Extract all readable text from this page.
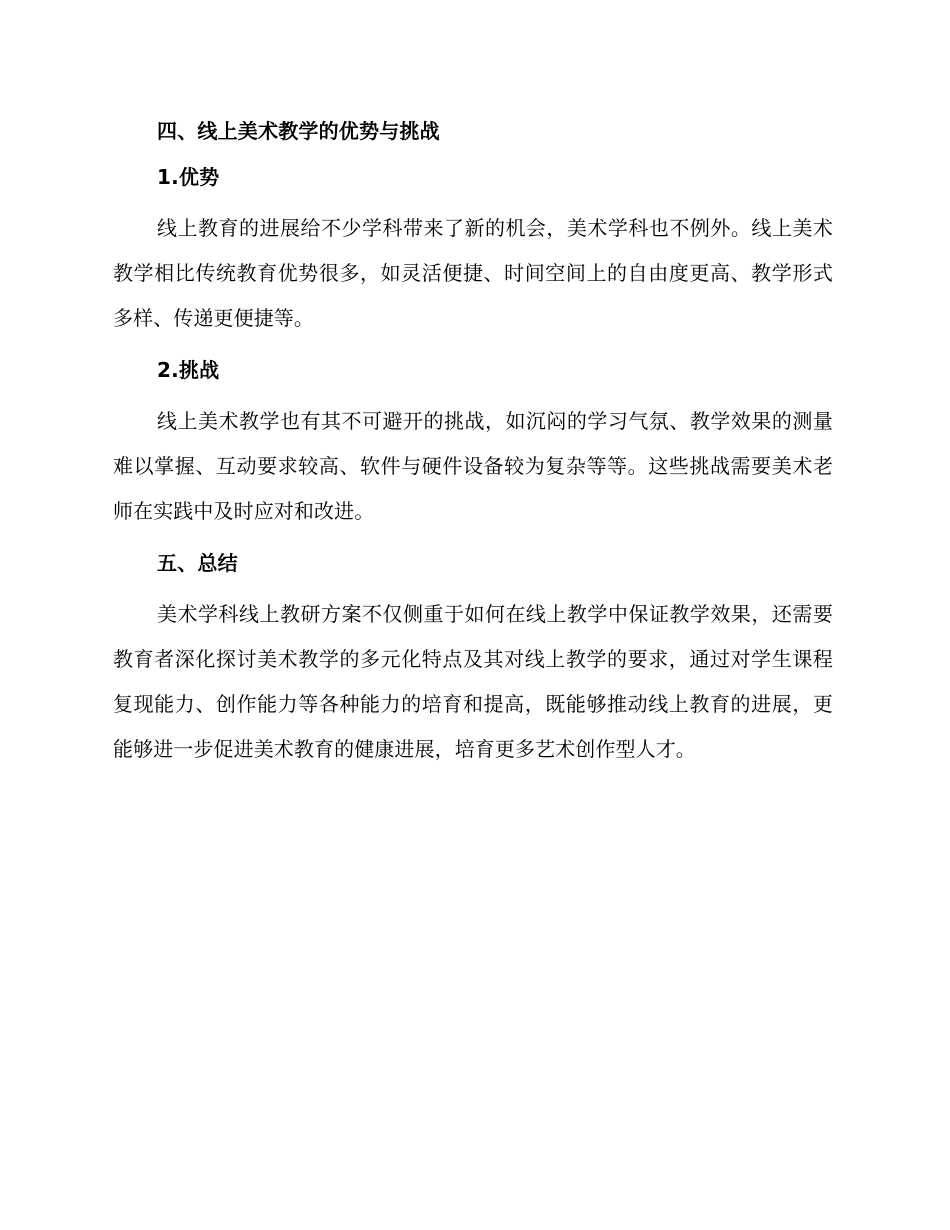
四、线上美术教学的优势与挑战
1.优势

线上教育的进展给不少学科带来了新的机会，美术学科也不例外。线上美术教学相比传统教育优势很多，如灵活便捷、时间空间上的自由度更高、教学形式多样、传递更便捷等。

2.挑战

线上美术教学也有其不可避开的挑战，如沉闷的学习气氛、教学效果的测量难以掌握、互动要求较高、软件与硬件设备较为复杂等等。这些挑战需要美术老师在实践中及时应对和改进。

五、总结

美术学科线上教研方案不仅侧重于如何在线上教学中保证教学效果，还需要教育者深化探讨美术教学的多元化特点及其对线上教学的要求，通过对学生课程复现能力、创作能力等各种能力的培育和提高，既能够推动线上教育的进展，更能够进一步促进美术教育的健康进展，培育更多艺术创作型人才。
